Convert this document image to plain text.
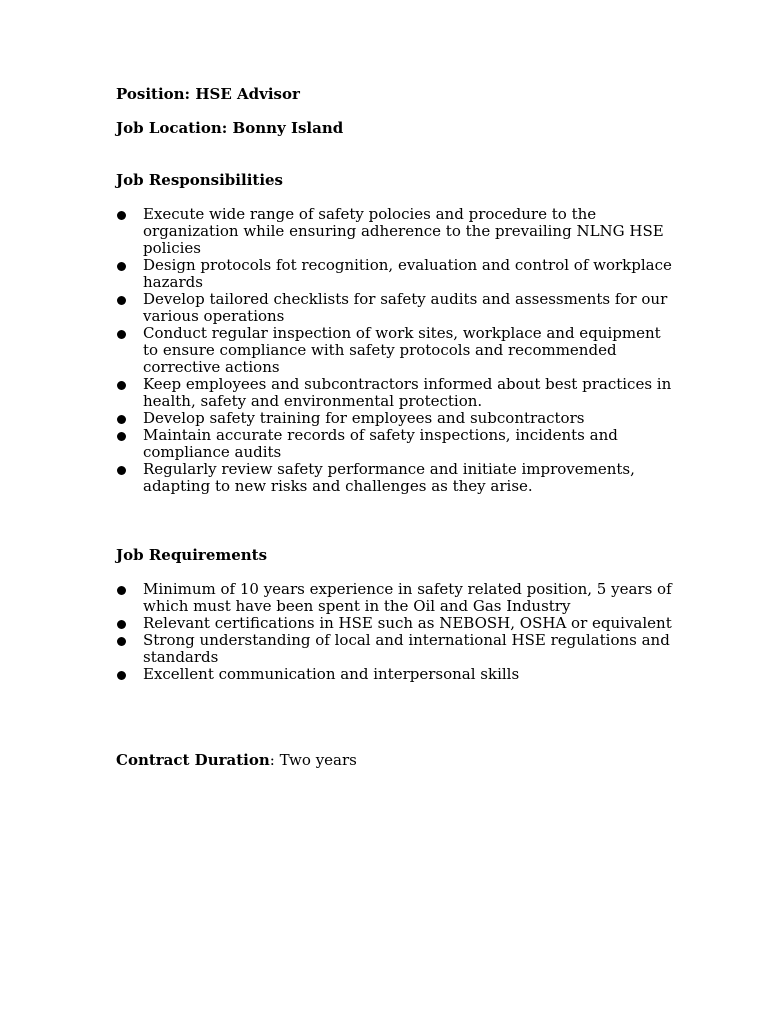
Position: HSE Advisor
Job Location: Bonny Island
Job Responsibilities
Execute wide range of safety polocies and procedure to the organization while ensuring adherence to the prevailing NLNG HSE policies
Design protocols fot recognition, evaluation and control of workplace hazards
Develop tailored checklists for safety audits and assessments for our various operations
Conduct regular inspection of work sites, workplace and equipment to ensure compliance with safety protocols and recommended corrective actions
Keep employees and subcontractors informed about best practices in health, safety and environmental protection.
Develop safety training for employees and subcontractors
Maintain accurate records of safety inspections, incidents and compliance audits
Regularly review safety performance and initiate improvements, adapting to new risks and challenges as they arise.
Job Requirements
Minimum of 10 years experience in safety related position, 5 years of which must have been spent in the Oil and Gas Industry
Relevant certifications in HSE such as NEBOSH, OSHA or equivalent
Strong understanding of local and international HSE regulations and standards
Excellent communication and interpersonal skills
Contract Duration: Two years
